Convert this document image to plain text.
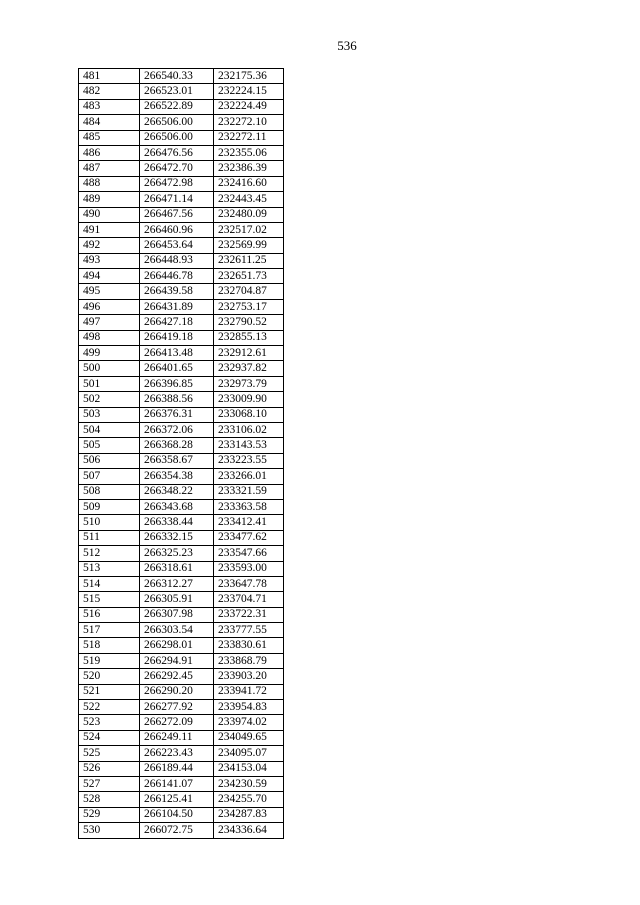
536
481	266540.33	232175.36
482	266523.01	232224.15
483	266522.89	232224.49
484	266506.00	232272.10
485	266506.00	232272.11
486	266476.56	232355.06
487	266472.70	232386.39
488	266472.98	232416.60
489	266471.14	232443.45
490	266467.56	232480.09
491	266460.96	232517.02
492	266453.64	232569.99
493	266448.93	232611.25
494	266446.78	232651.73
495	266439.58	232704.87
496	266431.89	232753.17
497	266427.18	232790.52
498	266419.18	232855.13
499	266413.48	232912.61
500	266401.65	232937.82
501	266396.85	232973.79
502	266388.56	233009.90
503	266376.31	233068.10
504	266372.06	233106.02
505	266368.28	233143.53
506	266358.67	233223.55
507	266354.38	233266.01
508	266348.22	233321.59
509	266343.68	233363.58
510	266338.44	233412.41
511	266332.15	233477.62
512	266325.23	233547.66
513	266318.61	233593.00
514	266312.27	233647.78
515	266305.91	233704.71
516	266307.98	233722.31
517	266303.54	233777.55
518	266298.01	233830.61
519	266294.91	233868.79
520	266292.45	233903.20
521	266290.20	233941.72
522	266277.92	233954.83
523	266272.09	233974.02
524	266249.11	234049.65
525	266223.43	234095.07
526	266189.44	234153.04
527	266141.07	234230.59
528	266125.41	234255.70
529	266104.50	234287.83
530	266072.75	234336.64
